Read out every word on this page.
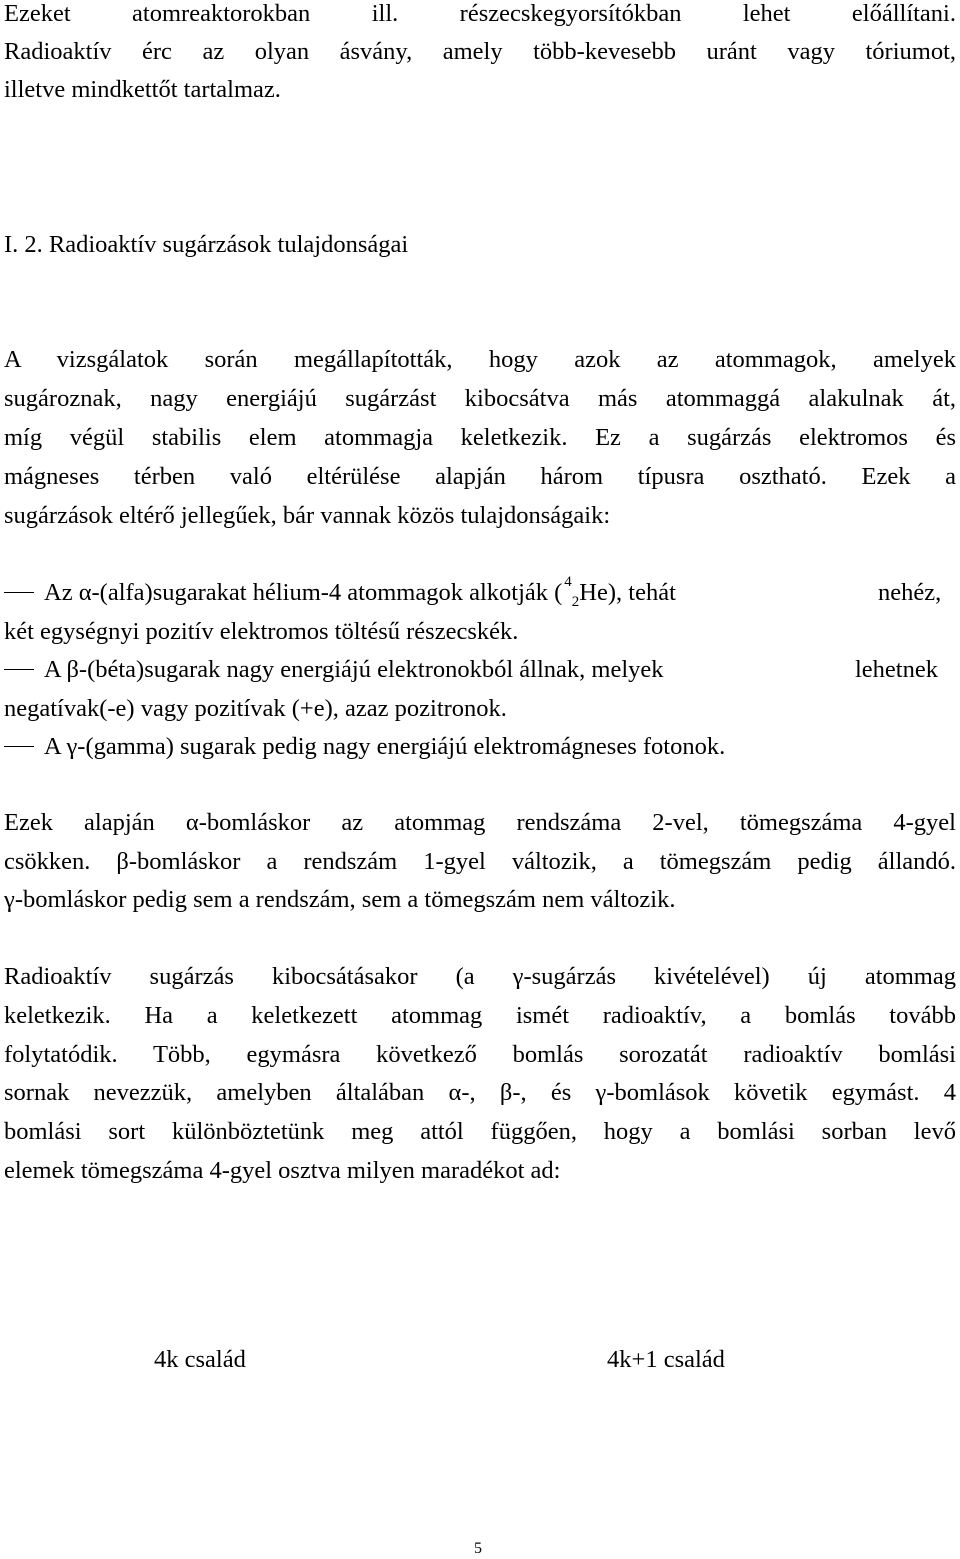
Ezeket atomreaktorokban ill. részecskegyorsítókban lehet előállítani.
Radioaktív érc az olyan ásvány, amely több-kevesebb uránt vagy tóriumot,
illetve mindkettőt tartalmaz.
I. 2. Radioaktív sugárzások tulajdonságai
A vizsgálatok során megállapították, hogy azok az atommagok, amelyek
sugároznak, nagy energiájú sugárzást kibocsátva más atommaggá alakulnak át,
míg végül stabilis elem atommagja keletkezik. Ez a sugárzás elektromos és
mágneses térben való eltérülése alapján három típusra osztható. Ezek a
sugárzások eltérő jellegűek, bár vannak közös tulajdonságaik:
Az α-(alfa)sugarakat hélium-4 atommagok alkotják ( $^4_2$He), tehát	nehéz,
két egységnyi pozitív elektromos töltésű részecskék.
A β-(béta)sugarak nagy energiájú elektronokból állnak, melyek	lehetnek
negatívak(-e) vagy pozitívak (+e), azaz pozitronok.
A γ-(gamma) sugarak pedig nagy energiájú elektromágneses fotonok.
Ezek alapján α-bomláskor az atommag rendszáma 2-vel, tömegszáma 4-gyel
csökken. β-bomláskor a rendszám 1-gyel változik, a tömegszám pedig állandó.
γ-bomláskor pedig sem a rendszám, sem a tömegszám nem változik.
Radioaktív sugárzás kibocsátásakor (a γ-sugárzás kivételével) új atommag
keletkezik. Ha a keletkezett atommag ismét radioaktív, a bomlás tovább
folytatódik. Több, egymásra következő bomlás sorozatát radioaktív bomlási
sornak nevezzük, amelyben általában α-, β-, és γ-bomlások követik egymást. 4
bomlási sort különböztetünk meg attól függően, hogy a bomlási sorban levő
elemek tömegszáma 4-gyel osztva milyen maradékot ad:
4k család	4k+1 család
5
